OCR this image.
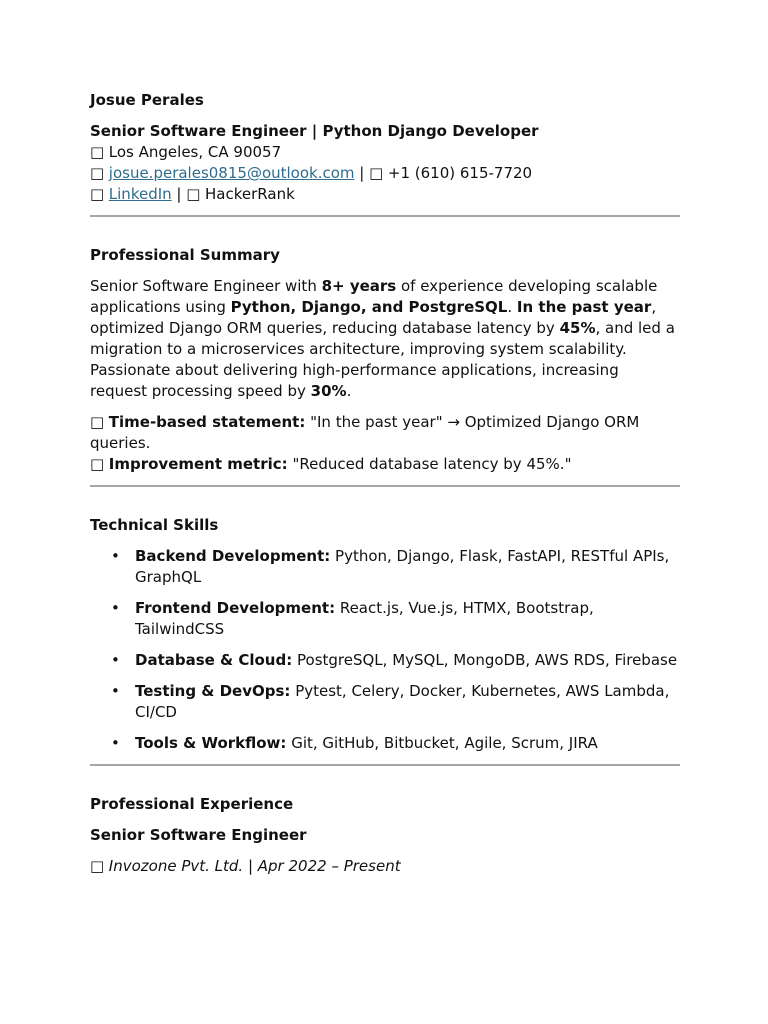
Josue Perales
Senior Software Engineer | Python Django Developer
□ Los Angeles, CA 90057
□ josue.perales0815@outlook.com | □ +1 (610) 615-7720
□ LinkedIn | □ HackerRank
Professional Summary

Senior Software Engineer with 8+ years of experience developing scalable applications using Python, Django, and PostgreSQL. In the past year, optimized Django ORM queries, reducing database latency by 45%, and led a migration to a microservices architecture, improving system scalability. Passionate about delivering high-performance applications, increasing request processing speed by 30%.

□ Time-based statement: "In the past year" → Optimized Django ORM queries.
□ Improvement metric: "Reduced database latency by 45%."
Technical Skills
• Backend Development: Python, Django, Flask, FastAPI, RESTful APIs, GraphQL
• Frontend Development: React.js, Vue.js, HTMX, Bootstrap, TailwindCSS
• Database & Cloud: PostgreSQL, MySQL, MongoDB, AWS RDS, Firebase
• Testing & DevOps: Pytest, Celery, Docker, Kubernetes, AWS Lambda, CI/CD
• Tools & Workflow: Git, GitHub, Bitbucket, Agile, Scrum, JIRA
Professional Experience
Senior Software Engineer
□ Invozone Pvt. Ltd. | Apr 2022 – Present
